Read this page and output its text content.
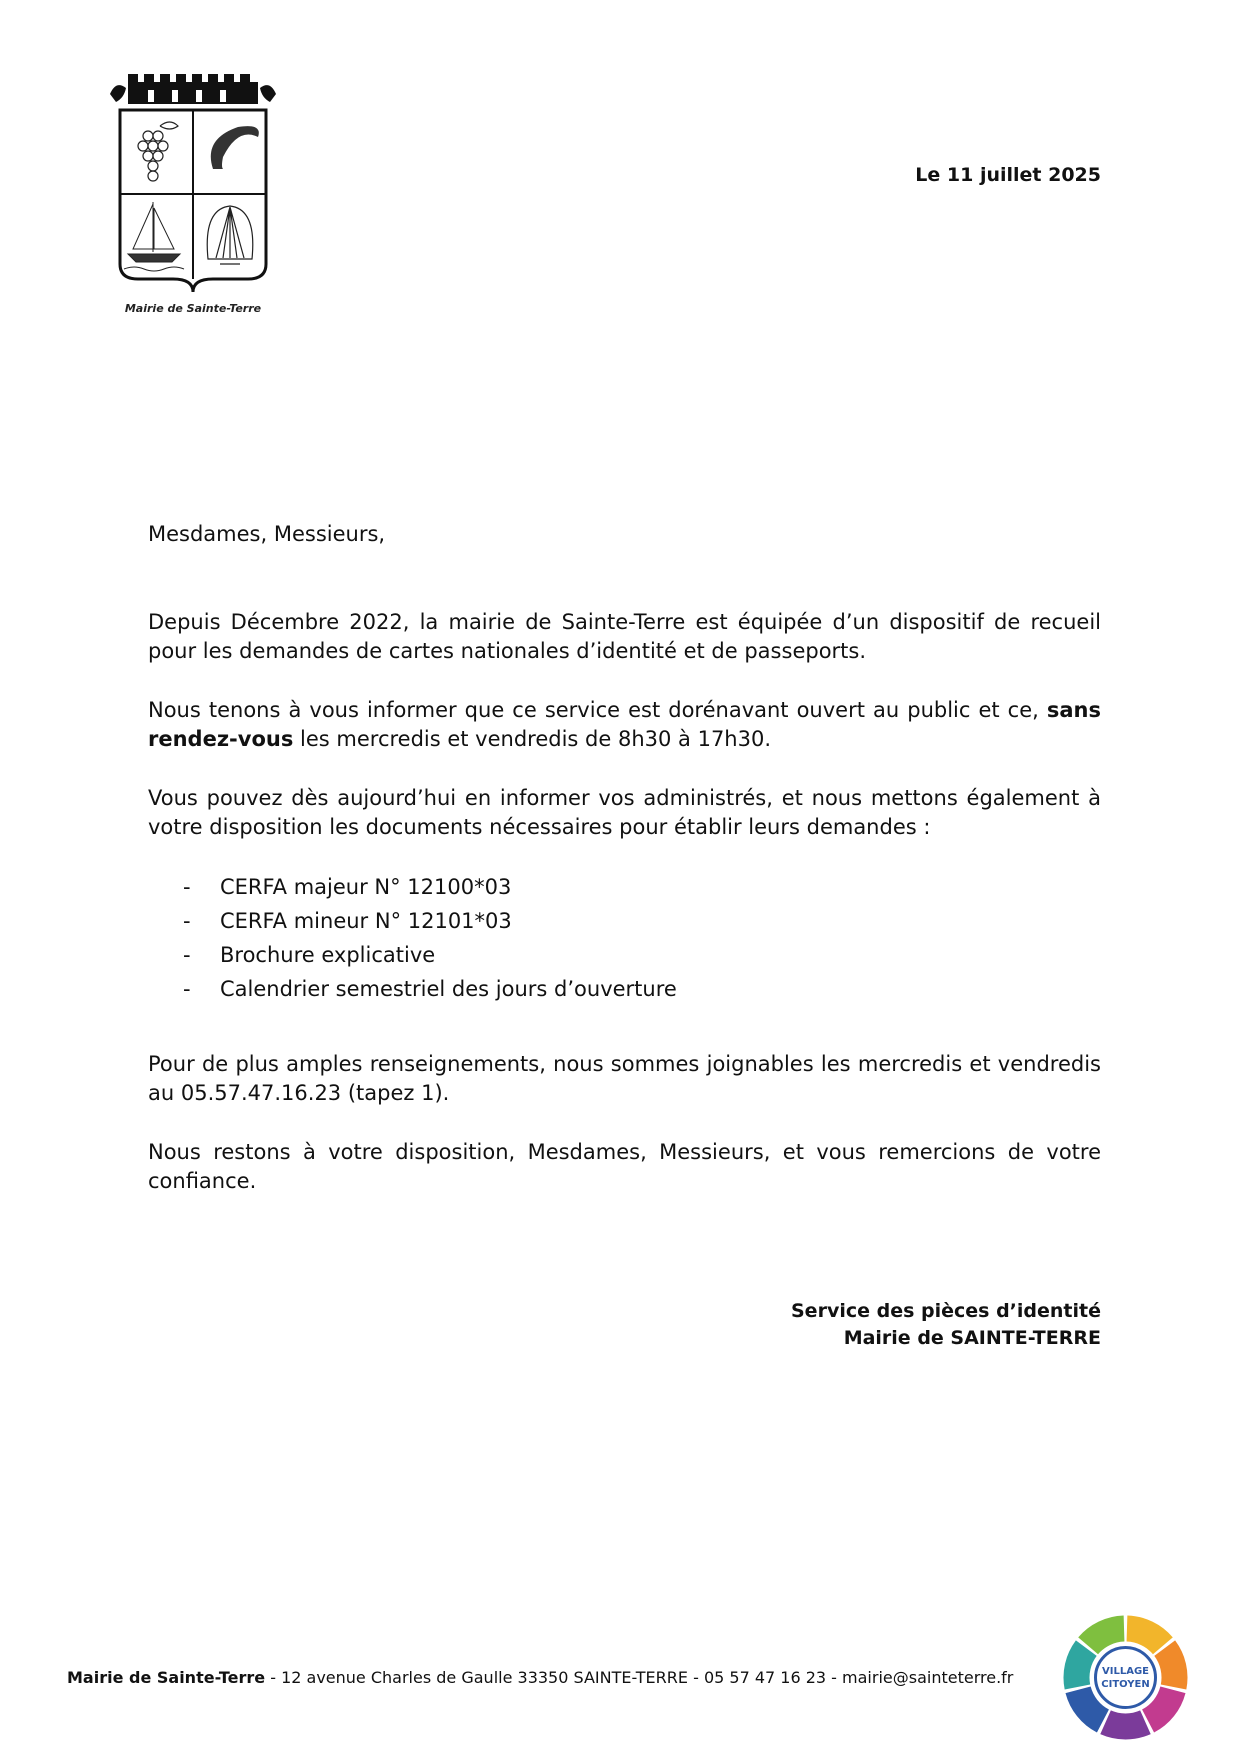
Mairie de Sainte-Terre
Le 11 juillet 2025

Mesdames, Messieurs,

Depuis Décembre 2022, la mairie de Sainte-Terre est équipée d’un dispositif de recueil pour les demandes de cartes nationales d’identité et de passeports.

Nous tenons à vous informer que ce service est dorénavant ouvert au public et ce, sans rendez-vous les mercredis et vendredis de 8h30 à 17h30.

Vous pouvez dès aujourd’hui en informer vos administrés, et nous mettons également à votre disposition les documents nécessaires pour établir leurs demandes :

-	CERFA majeur N° 12100*03
-	CERFA mineur N° 12101*03
-	Brochure explicative
-	Calendrier semestriel des jours d’ouverture

Pour de plus amples renseignements, nous sommes joignables les mercredis et vendredis au 05.57.47.16.23 (tapez 1).

Nous restons à votre disposition, Mesdames, Messieurs, et vous remercions de votre confiance.

Service des pièces d’identité
Mairie de SAINTE-TERRE
Mairie de Sainte-Terre - 12 avenue Charles de Gaulle 33350 SAINTE-TERRE - 05 57 47 16 23 - mairie@sainteterre.fr	VILLAGE
CITOYEN
